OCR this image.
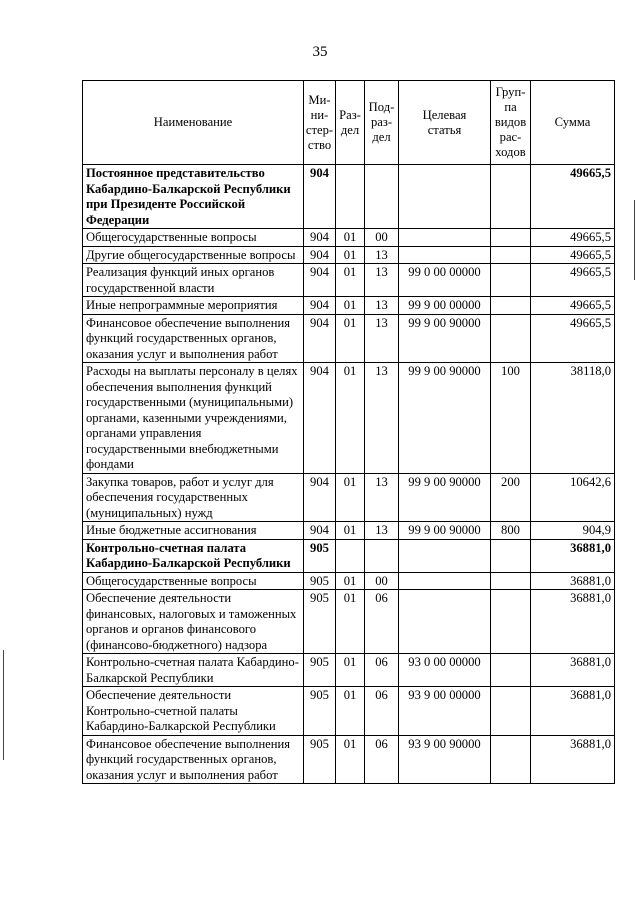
35
Наименование	Ми-
ни-
стер-
ство	Раз-
дел	Под-
раз-
дел	Целевая
статья	Груп-
па
видов
рас-
ходов	Сумма
Постоянное представительство Кабардино-Балкарской Республики при Президенте Российской Федерации	904					49665,5
Общегосударственные вопросы	904	01	00			49665,5
Другие общегосударственные вопросы	904	01	13			49665,5
Реализация функций иных органов государственной власти	904	01	13	99 0 00 00000		49665,5
Иные непрограммные мероприятия	904	01	13	99 9 00 00000		49665,5
Финансовое обеспечение выполнения функций государственных органов, оказания услуг и выполнения работ	904	01	13	99 9 00 90000		49665,5
Расходы на выплаты персоналу в целях обеспечения выполнения функций государственными (муниципальными) органами, казенными учреждениями, органами управления государственными внебюджетными фондами	904	01	13	99 9 00 90000	100	38118,0
Закупка товаров, работ и услуг для обеспечения государственных (муниципальных) нужд	904	01	13	99 9 00 90000	200	10642,6
Иные бюджетные ассигнования	904	01	13	99 9 00 90000	800	904,9
Контрольно-счетная палата Кабардино-Балкарской Республики	905					36881,0
Общегосударственные вопросы	905	01	00			36881,0
Обеспечение деятельности финансовых, налоговых и таможенных органов и органов финансового (финансово-бюджетного) надзора	905	01	06			36881,0
Контрольно-счетная палата Кабардино-Балкарской Республики	905	01	06	93 0 00 00000		36881,0
Обеспечение деятельности Контрольно-счетной палаты Кабардино-Балкарской Республики	905	01	06	93 9 00 00000		36881,0
Финансовое обеспечение выполнения функций государственных органов, оказания услуг и выполнения работ	905	01	06	93 9 00 90000		36881,0
